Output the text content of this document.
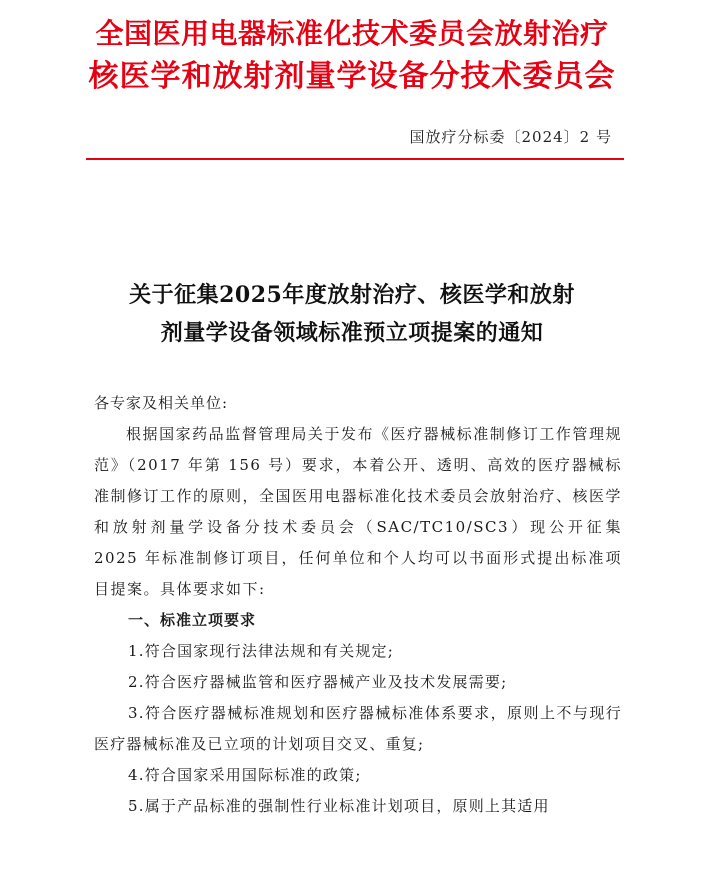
全国医用电器标准化技术委员会放射治疗
核医学和放射剂量学设备分技术委员会
国放疗分标委〔2024〕2 号
关于征集2025年度放射治疗、核医学和放射
剂量学设备领域标准预立项提案的通知

各专家及相关单位:

根据国家药品监督管理局关于发布《医疗器械标准制修订工作管理规范》（2017 年第 156 号）要求，本着公开、透明、高效的医疗器械标准制修订工作的原则，全国医用电器标准化技术委员会放射治疗、核医学和放射剂量学设备分技术委员会（SAC/TC10/SC3）现公开征集 2025 年标准制修订项目，任何单位和个人均可以书面形式提出标准项目提案。具体要求如下:

一、标准立项要求

1.符合国家现行法律法规和有关规定;

2.符合医疗器械监管和医疗器械产业及技术发展需要;

3.符合医疗器械标准规划和医疗器械标准体系要求，原则上不与现行医疗器械标准及已立项的计划项目交叉、重复;

4.符合国家采用国际标准的政策;

5.属于产品标准的强制性行业标准计划项目，原则上其适用
